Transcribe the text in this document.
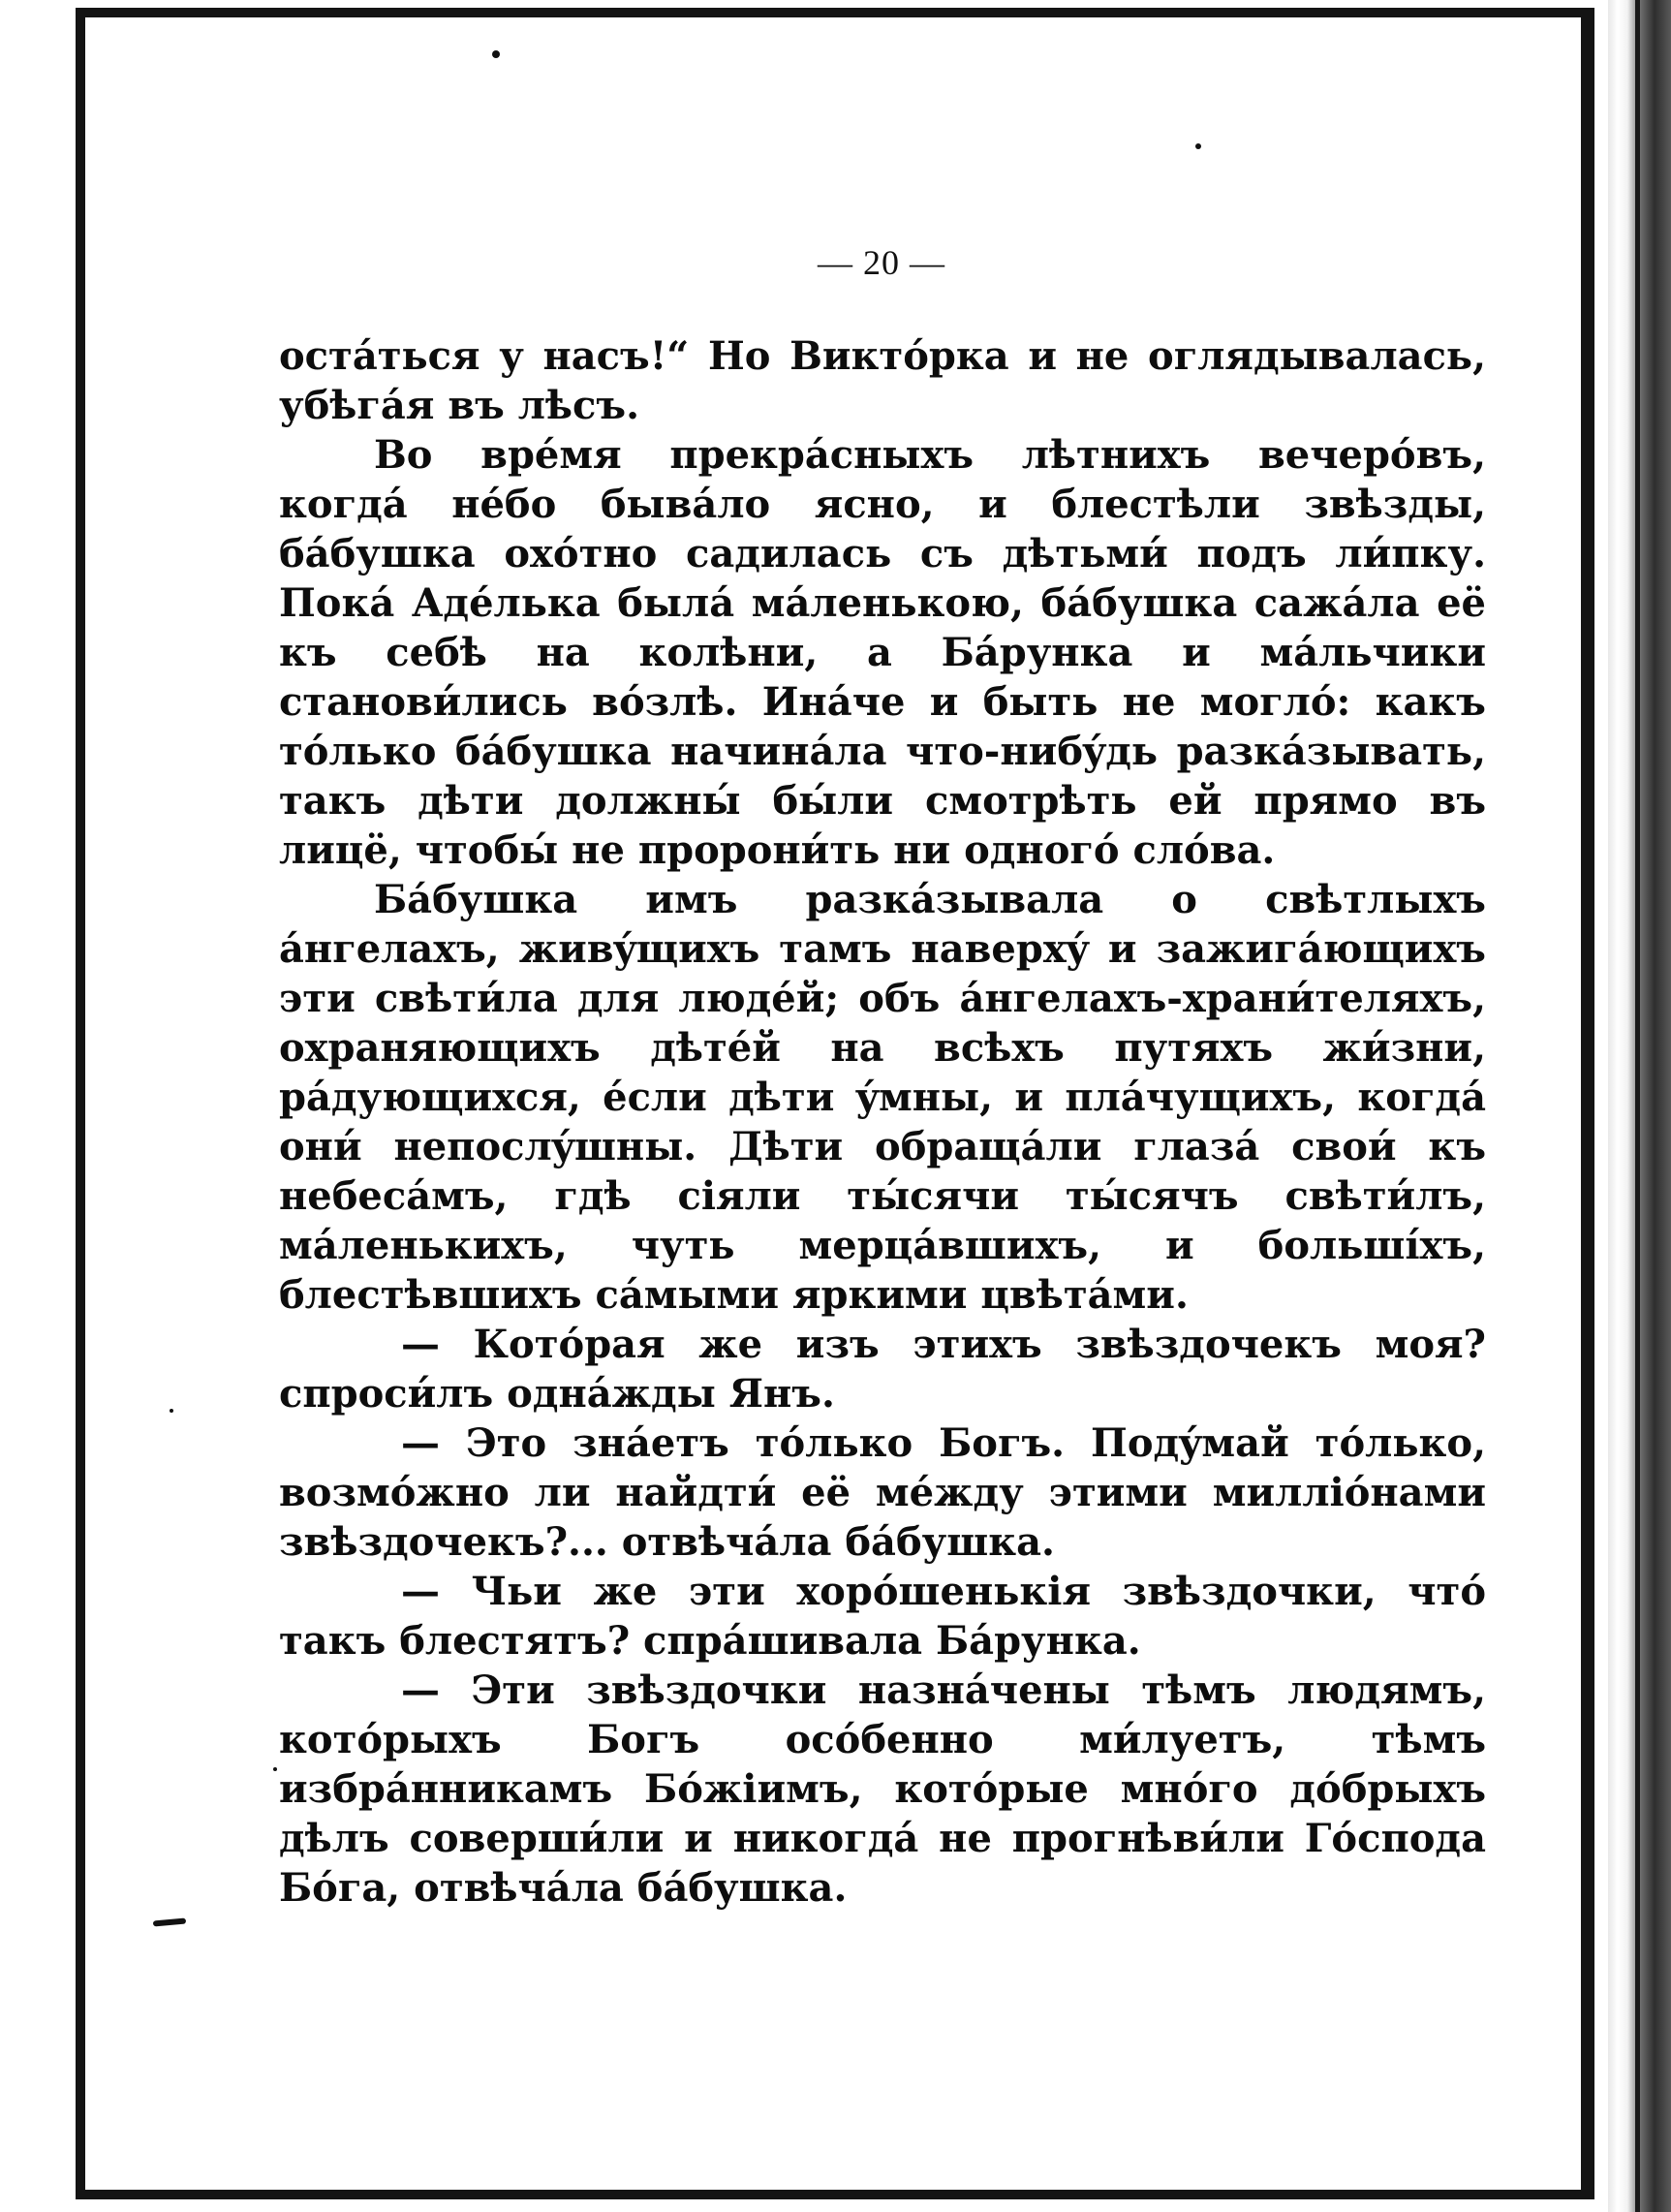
— 20 —

остáться у насъ!“ Но Виктóрка и не оглядывалась, убѣгáя въ лѣсъ.

Во врéмя прекрáсныхъ лѣтнихъ вечерóвъ, когдá нéбо бывáло ясно, и блестѣли звѣзды, бáбушка охóтно садилась съ дѣтьми́ подъ ли́пку. Покá Адéлька былá мáленькою, бáбушка сажáла её къ себѣ на колѣни, а Бáрунка и мáльчики станови́лись вóзлѣ. Инáче и быть не моглó: какъ тóлько бáбушка начинáла что-нибýдь разкáзывать, такъ дѣти должны́ бы́ли смотрѣть ей прямо въ лицё, чтобы́ не пророни́ть ни одногó слóва.

Бáбушка имъ разкáзывала о свѣтлыхъ áнгелахъ, живýщихъ тамъ наверхý и зажигáющихъ эти свѣти́ла для людéй; объ áнгелахъ-храни́теляхъ, охраняющихъ дѣтéй на всѣхъ путяхъ жи́зни, рáдующихся, éсли дѣти ýмны, и плáчущихъ, когдá они́ непослýшны. Дѣти обращáли глазá свои́ къ небесáмъ, гдѣ сіяли ты́сячи ты́сячъ свѣти́лъ, мáленькихъ, чуть мерцáвшихъ, и большíхъ, блестѣвшихъ сáмыми яркими цвѣтáми.

— Котóрая же изъ этихъ звѣздочекъ моя? спроси́лъ однáжды Янъ.

— Это знáетъ тóлько Богъ. Подýмай тóлько, возмóжно ли найдти́ её мéжду этими миллióнами звѣздочекъ?... отвѣчáла бáбушка.

— Чьи же эти хорóшенькія звѣздочки, чтó такъ блестятъ? спрáшивала Бáрунка.

— Эти звѣздочки назнáчены тѣмъ людямъ, котóрыхъ Богъ осóбенно ми́луетъ, тѣмъ избрáнникамъ Бóжіимъ, котóрые мнóго дóбрыхъ дѣлъ соверши́ли и никогдá не прогнѣви́ли Гóспода Бóга, отвѣчáла бáбушка.
